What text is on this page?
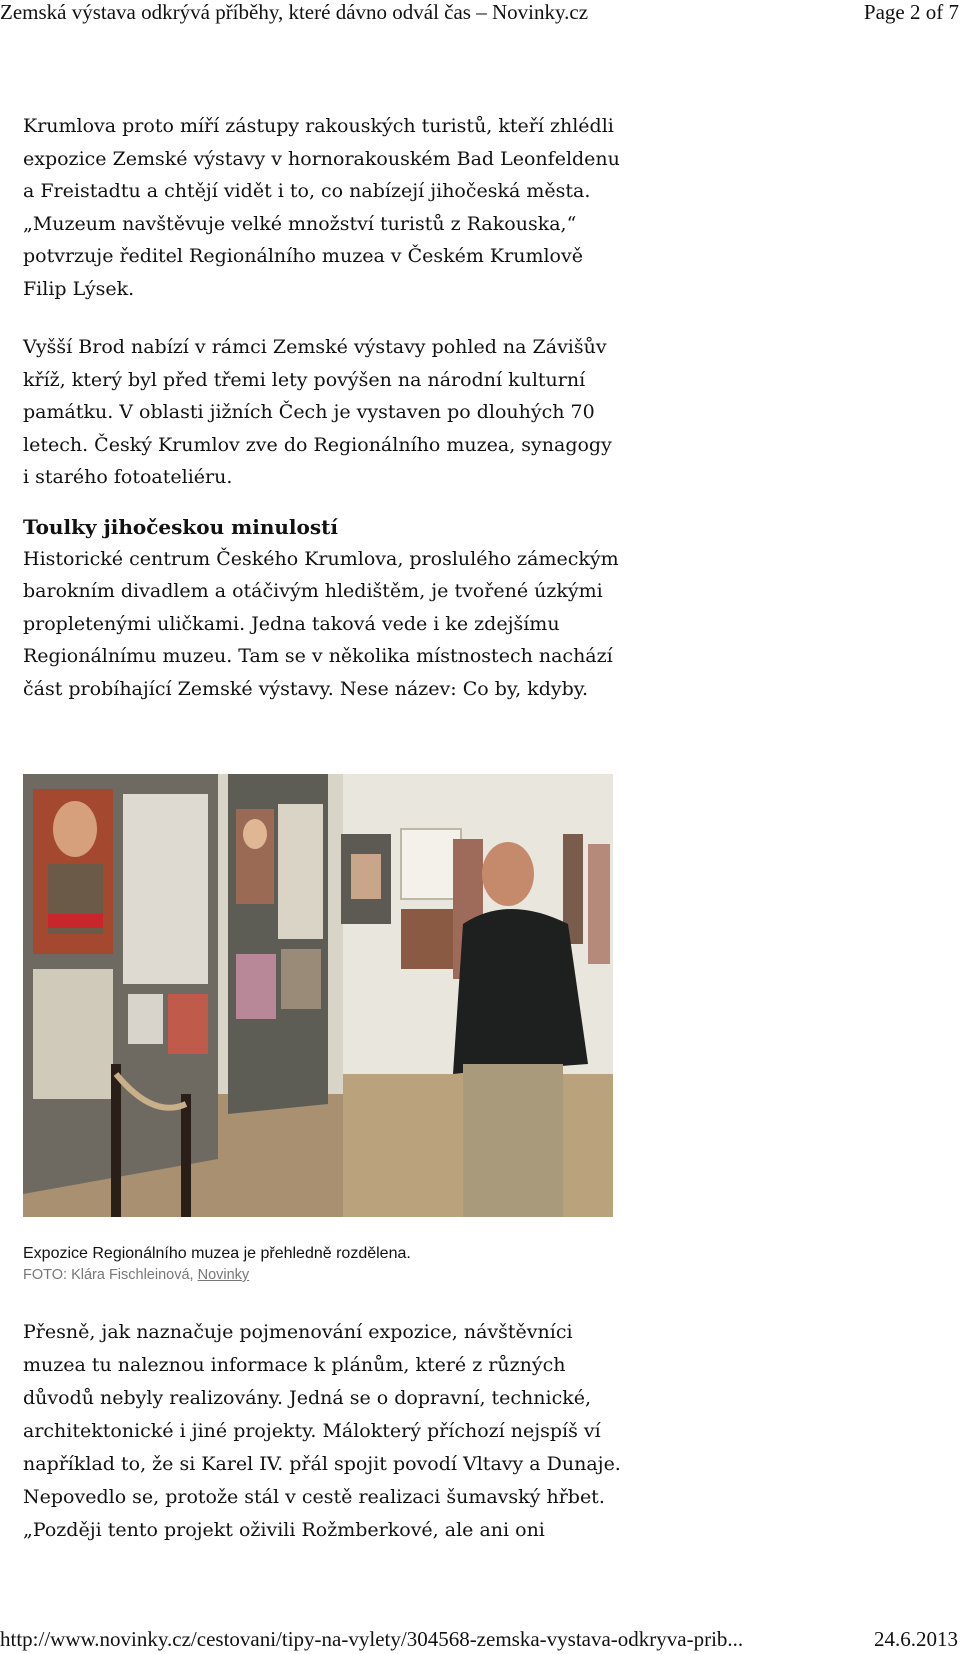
Zemská výstava odkrývá příběhy, které dávno odvál čas – Novinky.cz	Page 2 of 7

Krumlova proto míří zástupy rakouských turistů, kteří zhlédli expozice Zemské výstavy v hornorakouském Bad Leonfeldenu a Freistadtu a chtějí vidět i to, co nabízejí jihočeská města. „Muzeum navštěvuje velké množství turistů z Rakouska,“ potvrzuje ředitel Regionálního muzea v Českém Krumlově Filip Lýsek.

Vyšší Brod nabízí v rámci Zemské výstavy pohled na Závišův kříž, který byl před třemi lety povýšen na národní kulturní památku. V oblasti jižních Čech je vystaven po dlouhých 70 letech. Český Krumlov zve do Regionálního muzea, synagogy i starého fotoateliéru.

Toulky jihočeskou minulostí

Historické centrum Českého Krumlova, proslulého zámeckým barokním divadlem a otáčivým hledištěm, je tvořené úzkými propletenými uličkami. Jedna taková vede i ke zdejšímu Regionálnímu muzeu. Tam se v několika místnostech nachází část probíhající Zemské výstavy. Nese název: Co by, kdyby.

Expozice Regionálního muzea je přehledně rozdělena.
FOTO: Klára Fischleinová, Novinky

Přesně, jak naznačuje pojmenování expozice, návštěvníci muzea tu naleznou informace k plánům, které z různých důvodů nebyly realizovány. Jedná se o dopravní, technické, architektonické i jiné projekty. Málokterý příchozí nejspíš ví například to, že si Karel IV. přál spojit povodí Vltavy a Dunaje. Nepovedlo se, protože stál v cestě realizaci šumavský hřbet. „Později tento projekt oživili Rožmberkové, ale ani oni

http://www.novinky.cz/cestovani/tipy-na-vylety/304568-zemska-vystava-odkryva-prib...	24.6.2013
